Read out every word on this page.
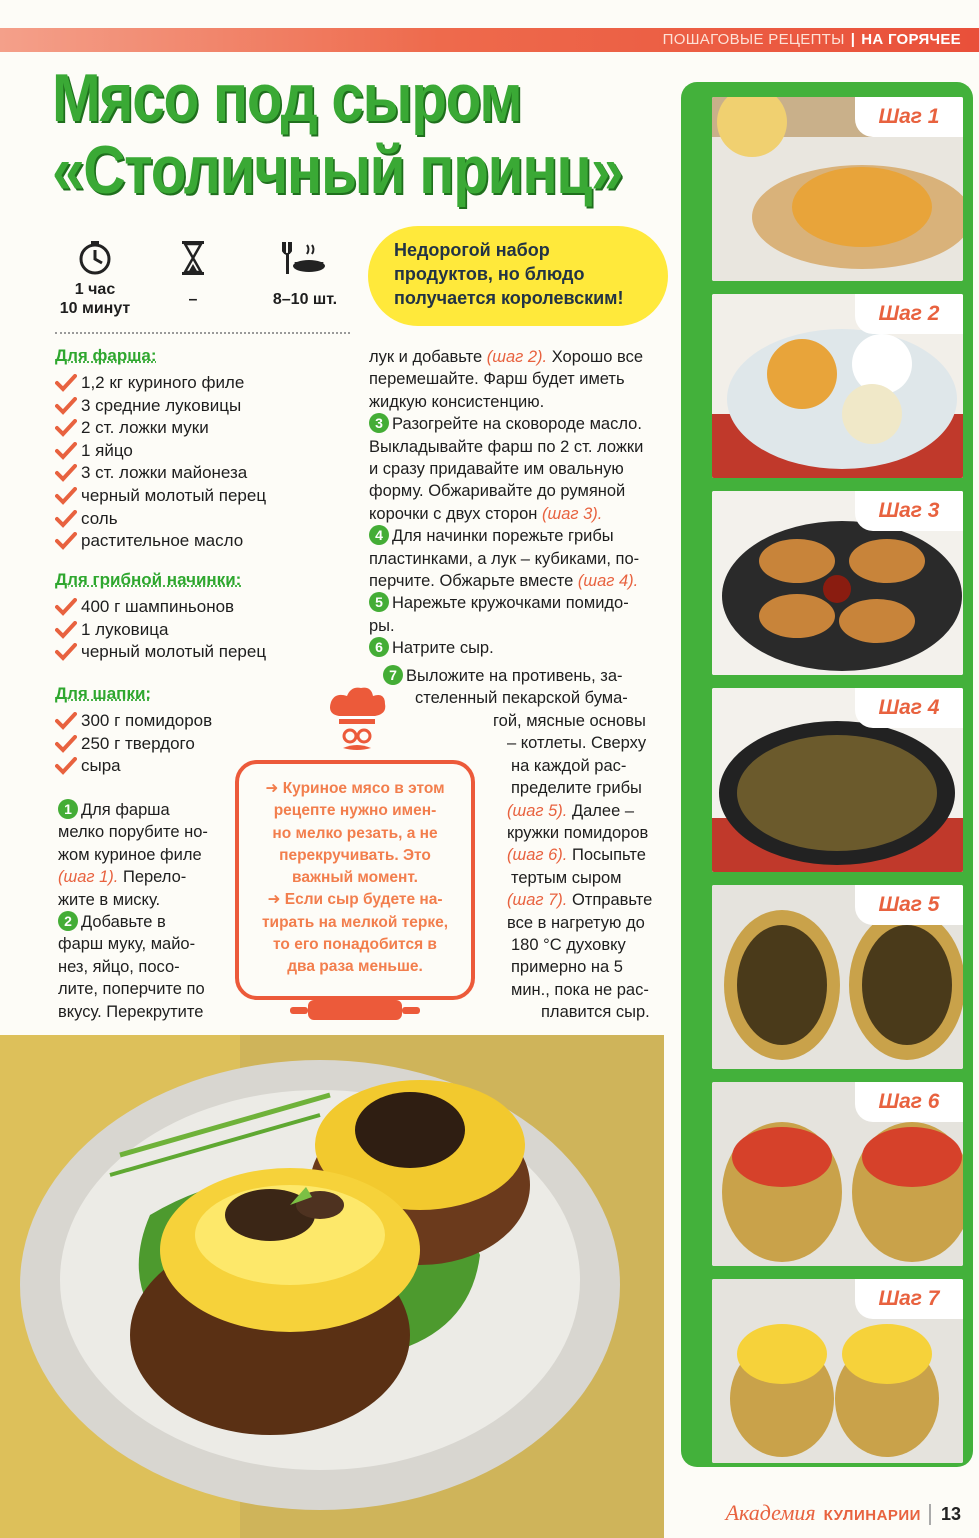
ПОШАГОВЫЕ РЕЦЕПТЫ | НА ГОРЯЧЕЕ
Мясо под сыром
«Столичный принц»
1 час
10 минут
–	8–10 шт.
Недорогой набор
продуктов, но блюдо
получается королевским!
Для фарша:
1,2 кг куриного филе
3 средние луковицы
2 ст. ложки муки
1 яйцо
3 ст. ложки майонеза
черный молотый перец
соль
растительное масло
Для грибной начинки:
400 г шампиньонов
1 луковица
черный молотый перец
Для шапки:
300 г помидоров
250 г твердого
сыра
1 Для фарша
мелко порубите но-
жом куриное филе
(шаг 1). Перело-
жите в миску.
2 Добавьте в
фарш муку, майо-
нез, яйцо, посо-
лите, поперчите по
вкусу. Перекрутите
лук и добавьте (шаг 2). Хорошо все
перемешайте. Фарш будет иметь
жидкую консистенцию.
3 Разогрейте на сковороде масло.
Выкладывайте фарш по 2 ст. ложки
и сразу придавайте им овальную
форму. Обжаривайте до румяной
корочки с двух сторон (шаг 3).
4 Для начинки порежьте грибы
пластинками, а лук – кубиками, по-
перчите. Обжарьте вместе (шаг 4).
5 Нарежьте кружочками помидо-
ры.
6 Натрите сыр.
7 Выложите на противень, за-
стеленный пекарской бума-
гой, мясные основы
– котлеты. Сверху
на каждой рас-
пределите грибы
(шаг 5). Далее –
кружки помидоров
(шаг 6). Посыпьте
тертым сыром
(шаг 7). Отправьте
все в нагретую до
180 °С духовку
примерно на 5
мин., пока не рас-
плавится сыр.
➜ Куриное мясо в этом
рецепте нужно имен-
но мелко резать, а не
перекручивать. Это
важный момент.
➜ Если сыр будете на-
тирать на мелкой терке,
то его понадобится в
два раза меньше.
Шаг 1
Шаг 2
Шаг 3
Шаг 4
Шаг 5
Шаг 6
Шаг 7
Академия КУЛИНАРИИ	13
